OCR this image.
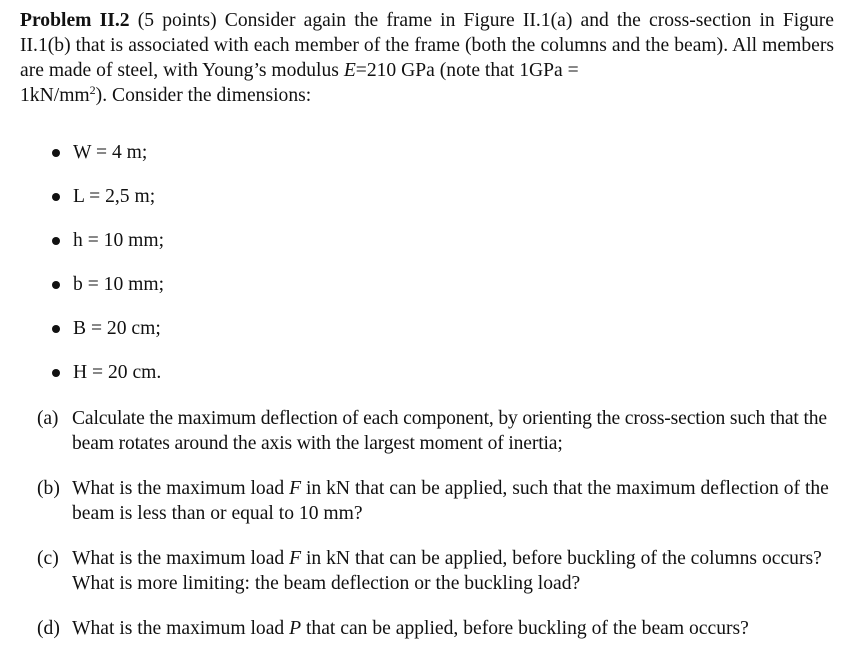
Problem II.2 (5 points) Consider again the frame in Figure II.1(a) and the cross-section in Figure II.1(b) that is associated with each member of the frame (both the columns and the beam). All members are made of steel, with Young’s modulus E=210 GPa (note that 1GPa =
$1kN/mm^2$). Consider the dimensions:

W = 4 m;
L = 2,5 m;
h = 10 mm;
b = 10 mm;
B = 20 cm;
H = 20 cm.
(a) Calculate the maximum deflection of each component, by orienting the cross-section such that the beam rotates around the axis with the largest moment of inertia;
(b) What is the maximum load F in kN that can be applied, such that the maximum deflection of the beam is less than or equal to 10 mm?
(c) What is the maximum load F in kN that can be applied, before buckling of the columns occurs? What is more limiting: the beam deflection or the buckling load?
(d) What is the maximum load P that can be applied, before buckling of the beam occurs?
